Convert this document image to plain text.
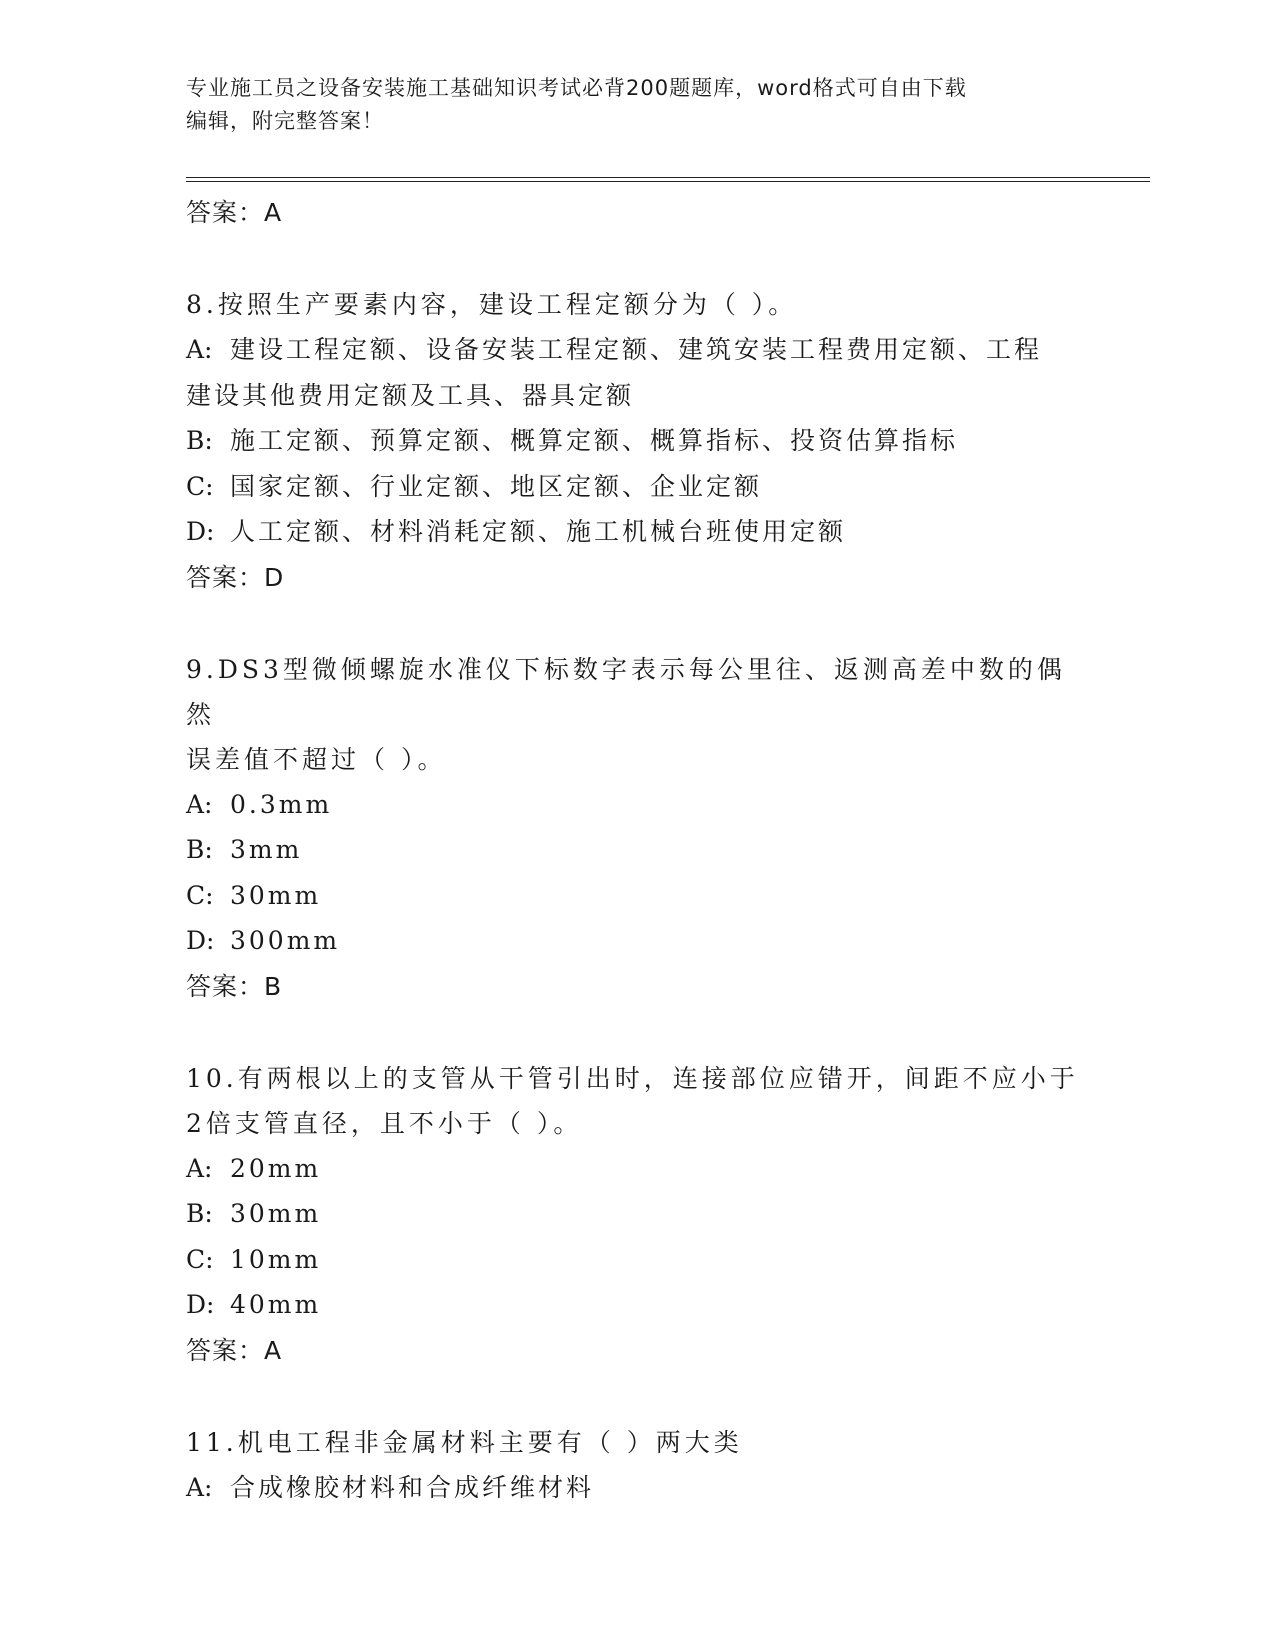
专业施工员之设备安装施工基础知识考试必背200题题库，word格式可自由下载
编辑，附完整答案！
答案：A
8.按照生产要素内容，建设工程定额分为（ ）。
A: 建设工程定额、设备安装工程定额、建筑安装工程费用定额、工程
建设其他费用定额及工具、器具定额
B: 施工定额、预算定额、概算定额、概算指标、投资估算指标
C: 国家定额、行业定额、地区定额、企业定额
D: 人工定额、材料消耗定额、施工机械台班使用定额
答案：D
9.DS3型微倾螺旋水准仪下标数字表示每公里往、返测高差中数的偶然
误差值不超过（ ）。
A: 0.3mm
B: 3mm
C: 30mm
D: 300mm
答案：B
10.有两根以上的支管从干管引出时，连接部位应错开，间距不应小于
2倍支管直径，且不小于（ ）。
A: 20mm
B: 30mm
C: 10mm
D: 40mm
答案：A
11.机电工程非金属材料主要有（ ）两大类
A: 合成橡胶材料和合成纤维材料
